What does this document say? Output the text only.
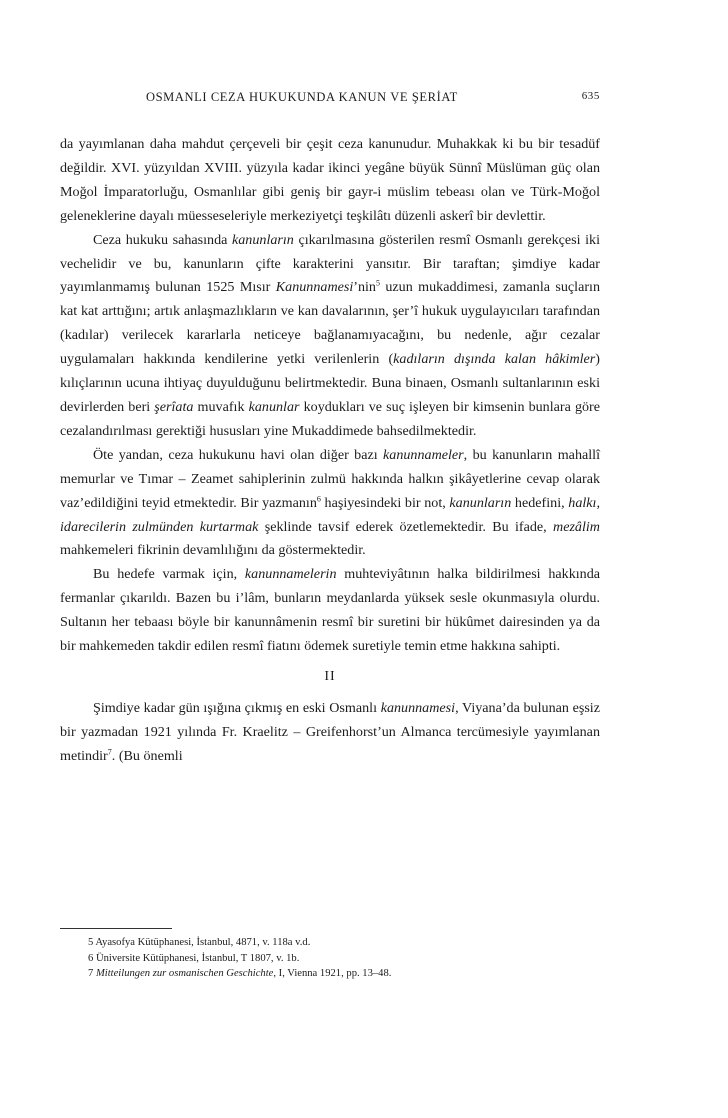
OSMANLI CEZA HUKUKUNDA KANUN VE ŞERİAT	635

da yayımlanan daha mahdut çerçeveli bir çeşit ceza kanunudur. Muhakkak ki bu bir tesadüf değildir. XVI. yüzyıldan XVIII. yüzyıla kadar ikinci yegâne büyük Sünnî Müslüman güç olan Moğol İmparatorluğu, Osmanlılar gibi geniş bir gayr-i müslim tebeası olan ve Türk-Moğol geleneklerine dayalı müesseseleriyle merkeziyetçi teşkilâtı düzenli askerî bir devlettir.

Ceza hukuku sahasında kanunların çıkarılmasına gösterilen resmî Osmanlı gerekçesi iki vechelidir ve bu, kanunların çifte karakterini yansıtır. Bir taraftan; şimdiye kadar yayımlanmamış bulunan 1525 Mısır Kanunnamesi’nin$^5$ uzun mukaddimesi, zamanla suçların kat kat arttığını; artık anlaşmazlıkların ve kan davalarının, şer’î hukuk uygulayıcıları tarafından (kadılar) verilecek kararlarla neticeye bağlanamıyacağını, bu nedenle, ağır cezalar uygulamaları hakkında kendilerine yetki verilenlerin (kadıların dışında kalan hâkimler) kılıçlarının ucuna ihtiyaç duyulduğunu belirtmektedir. Buna binaen, Osmanlı sultanlarının eski devirlerden beri şerîata muvafık kanunlar koydukları ve suç işleyen bir kimsenin bunlara göre cezalandırılması gerektiği hususları yine Mukaddimede bahsedilmektedir.

Öte yandan, ceza hukukunu havi olan diğer bazı kanunnameler, bu kanunların mahallî memurlar ve Tımar – Zeamet sahiplerinin zulmü hakkında halkın şikâyetlerine cevap olarak vaz’edildiğini teyid etmektedir. Bir yazmanın$^6$ haşiyesindeki bir not, kanunların hedefini, halkı, idarecilerin zulmünden kurtarmak şeklinde tavsif ederek özetlemektedir. Bu ifade, mezâlim mahkemeleri fikrinin devamlılığını da göstermektedir.

Bu hedefe varmak için, kanunnamelerin muhteviyâtının halka bildirilmesi hakkında fermanlar çıkarıldı. Bazen bu i’lâm, bunların meydanlarda yüksek sesle okunmasıyla olurdu. Sultanın her tebaası böyle bir kanunnâmenin resmî bir suretini bir hükûmet dairesinden ya da bir mahkemeden takdir edilen resmî fiatını ödemek suretiyle temin etme hakkına sahipti.

II

Şimdiye kadar gün ışığına çıkmış en eski Osmanlı kanunnamesi, Viyana’da bulunan eşsiz bir yazmadan 1921 yılında Fr. Kraelitz – Greifenhorst’un Almanca tercümesiyle yayımlanan metindir$^7$. (Bu önemli

5 Ayasofya Kütüphanesi, İstanbul, 4871, v. 118a v.d.
6 Üniversite Kütüphanesi, İstanbul, T 1807, v. 1b.
7 Mitteilungen zur osmanischen Geschichte, I, Vienna 1921, pp. 13–48.
